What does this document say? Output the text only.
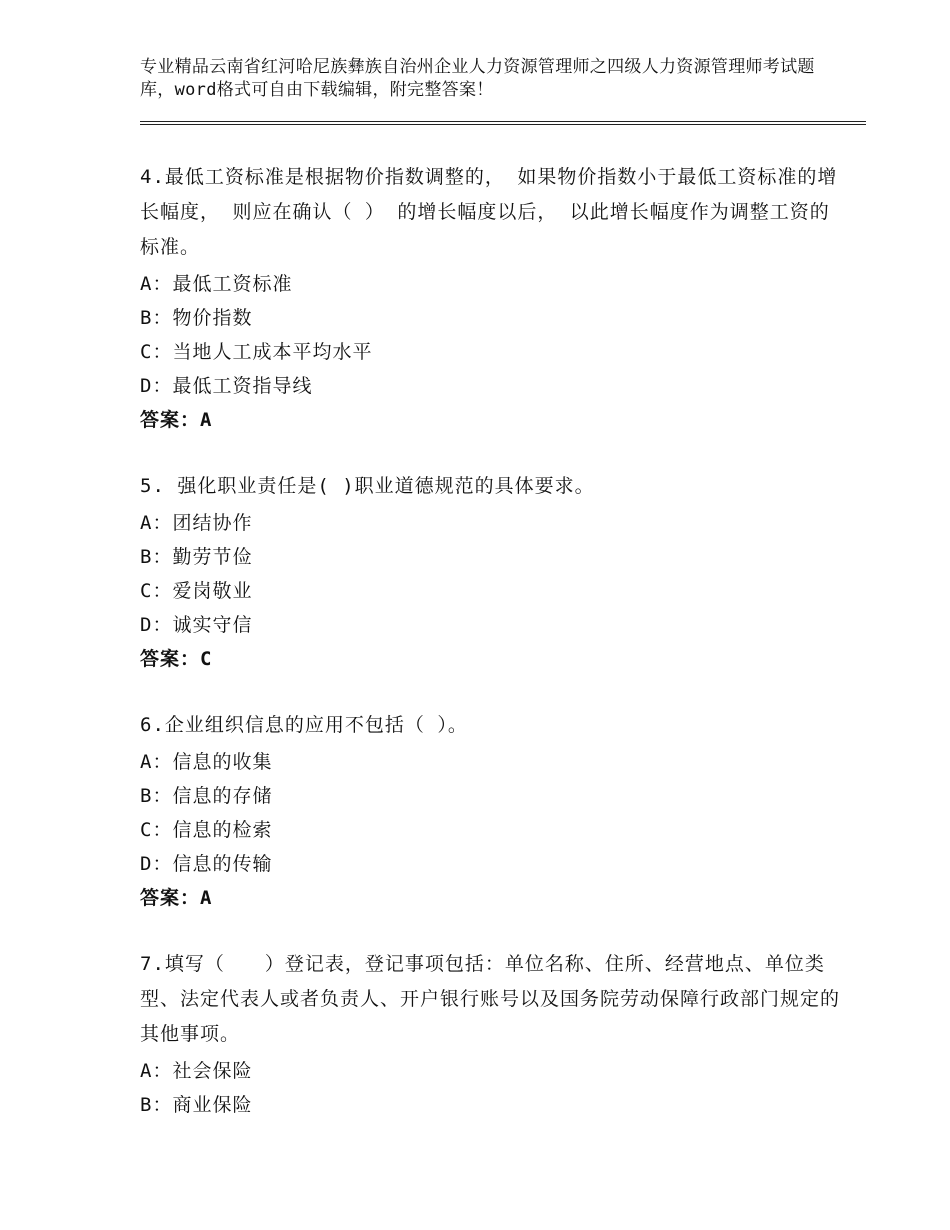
专业精品云南省红河哈尼族彝族自治州企业人力资源管理师之四级人力资源管理师考试题库，word格式可自由下载编辑，附完整答案！
4.最低工资标准是根据物价指数调整的， 如果物价指数小于最低工资标准的增长幅度， 则应在确认（ ） 的增长幅度以后， 以此增长幅度作为调整工资的标准。
A：最低工资标准
B：物价指数
C：当地人工成本平均水平
D：最低工资指导线
答案：A
5. 强化职业责任是( )职业道德规范的具体要求。
A：团结协作
B：勤劳节俭
C：爱岗敬业
D：诚实守信
答案：C
6.企业组织信息的应用不包括（ ）。
A：信息的收集
B：信息的存储
C：信息的检索
D：信息的传输
答案：A
7.填写（　　）登记表，登记事项包括：单位名称、住所、经营地点、单位类型、法定代表人或者负责人、开户银行账号以及国务院劳动保障行政部门规定的其他事项。
A：社会保险
B：商业保险
